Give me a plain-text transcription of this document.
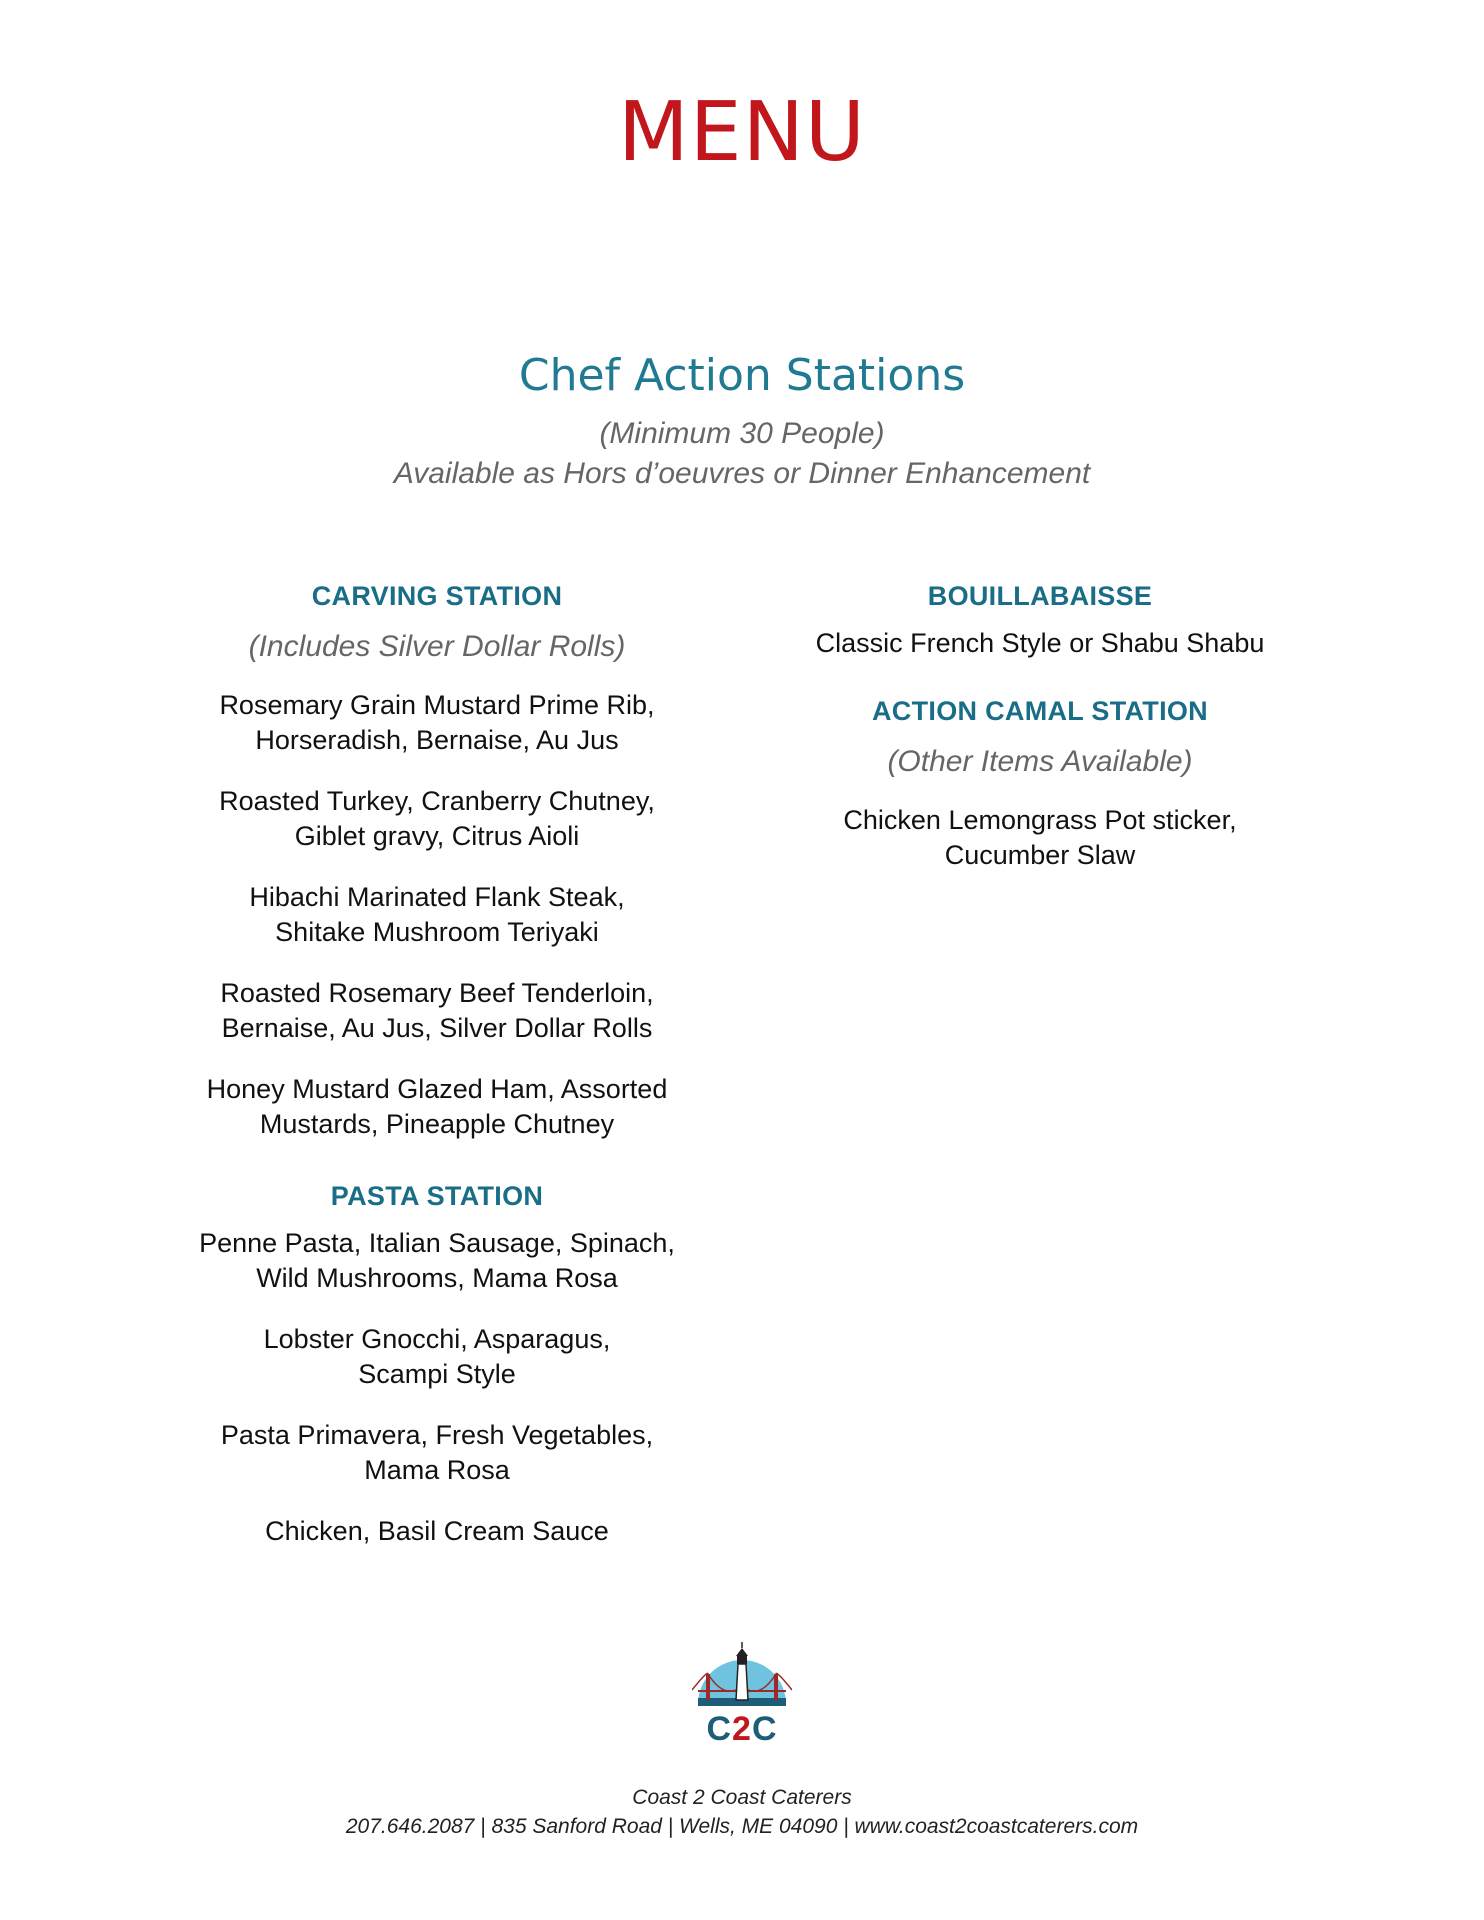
MENU
Chef Action Stations
(Minimum 30 People)
Available as Hors d’oeuvres or Dinner Enhancement

CARVING STATION

(Includes Silver Dollar Rolls)

Rosemary Grain Mustard Prime Rib,

Horseradish, Bernaise, Au Jus

Roasted Turkey, Cranberry Chutney,

Giblet gravy, Citrus Aioli

Hibachi Marinated Flank Steak,

Shitake Mushroom Teriyaki

Roasted Rosemary Beef Tenderloin,

Bernaise, Au Jus, Silver Dollar Rolls

Honey Mustard Glazed Ham, Assorted

Mustards, Pineapple Chutney

PASTA STATION

Penne Pasta, Italian Sausage, Spinach,

Wild Mushrooms, Mama Rosa

Lobster Gnocchi, Asparagus,

Scampi Style

Pasta Primavera, Fresh Vegetables,

Mama Rosa

Chicken, Basil Cream Sauce

BOUILLABAISSE

Classic French Style or Shabu Shabu

ACTION CAMAL STATION

(Other Items Available)

Chicken Lemongrass Pot sticker,

Cucumber Slaw

C2C
Coast 2 Coast Caterers
207.646.2087 | 835 Sanford Road | Wells, ME 04090 | www.coast2coastcaterers.com
